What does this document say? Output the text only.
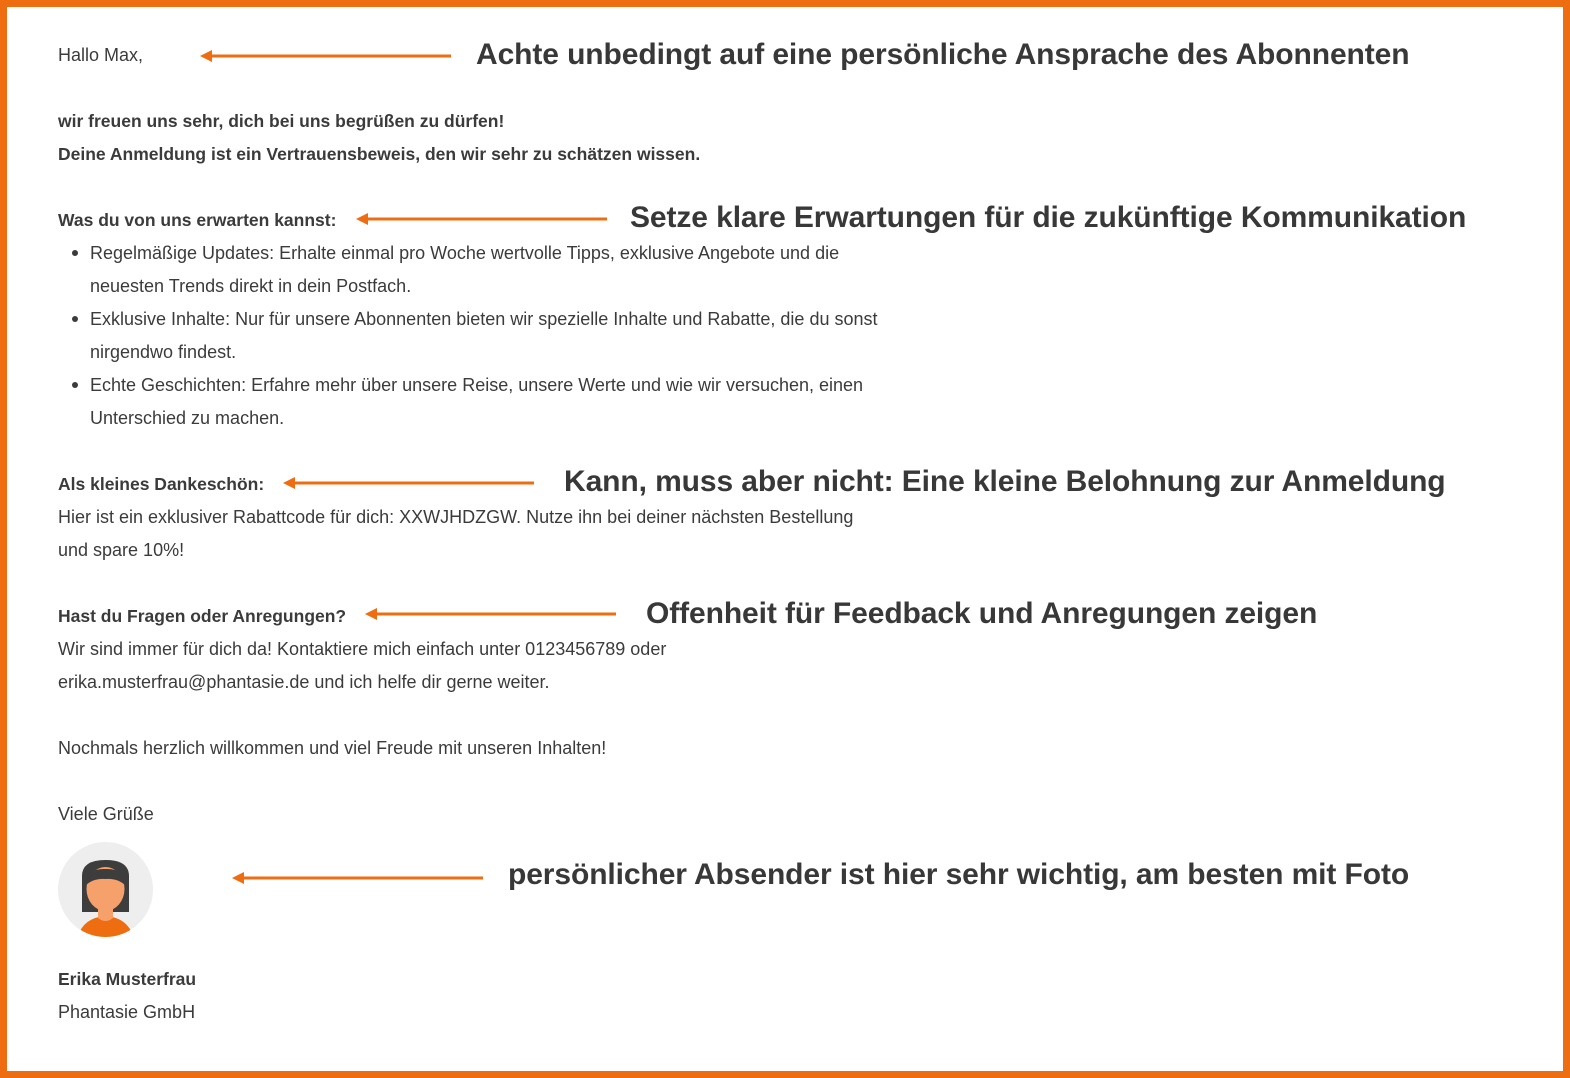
Hallo Max,
wir freuen uns sehr, dich bei uns begrüßen zu dürfen!
Deine Anmeldung ist ein Vertrauensbeweis, den wir sehr zu schätzen wissen.
Was du von uns erwarten kannst:
Regelmäßige Updates: Erhalte einmal pro Woche wertvolle Tipps, exklusive Angebote und die
neuesten Trends direkt in dein Postfach.
Exklusive Inhalte: Nur für unsere Abonnenten bieten wir spezielle Inhalte und Rabatte, die du sonst
nirgendwo findest.
Echte Geschichten: Erfahre mehr über unsere Reise, unsere Werte und wie wir versuchen, einen
Unterschied zu machen.
Als kleines Dankeschön:
Hier ist ein exklusiver Rabattcode für dich: XXWJHDZGW. Nutze ihn bei deiner nächsten Bestellung
und spare 10%!
Hast du Fragen oder Anregungen?
Wir sind immer für dich da! Kontaktiere mich einfach unter 0123456789 oder
erika.musterfrau@phantasie.de und ich helfe dir gerne weiter.
Nochmals herzlich willkommen und viel Freude mit unseren Inhalten!
Viele Grüße
Erika Musterfrau
Phantasie GmbH
Achte unbedingt auf eine persönliche Ansprache des Abonnenten
Setze klare Erwartungen für die zukünftige Kommunikation
Kann, muss aber nicht: Eine kleine Belohnung zur Anmeldung
Offenheit für Feedback und Anregungen zeigen
persönlicher Absender ist hier sehr wichtig, am besten mit Foto
